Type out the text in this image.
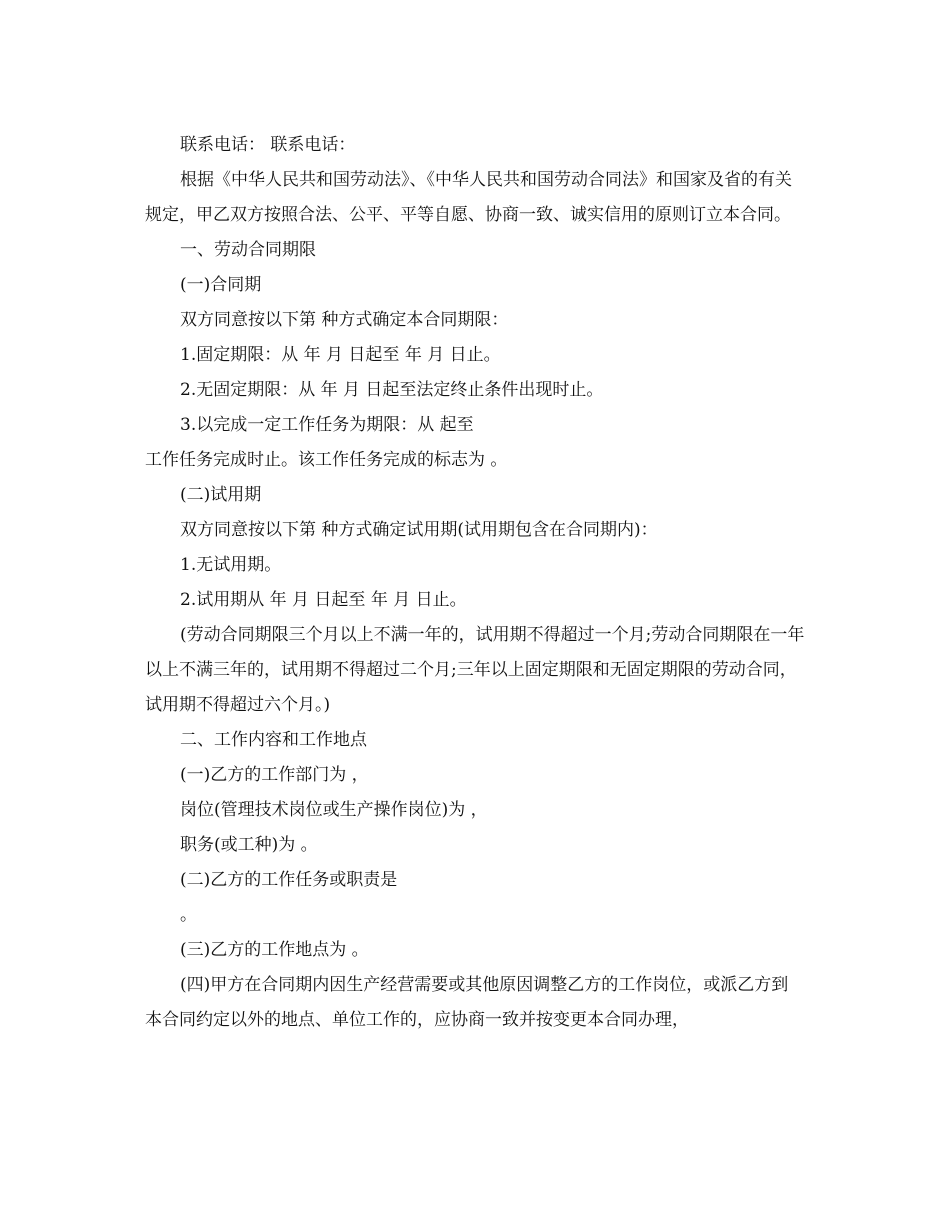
联系电话： 联系电话：

根据《中华人民共和国劳动法》、《中华人民共和国劳动合同法》和国家及省的有关规定，甲乙双方按照合法、公平、平等自愿、协商一致、诚实信用的原则订立本合同。

一、劳动合同期限

(一)合同期

双方同意按以下第 种方式确定本合同期限：

1.固定期限：从 年 月 日起至 年 月 日止。

2.无固定期限：从 年 月 日起至法定终止条件出现时止。

3.以完成一定工作任务为期限：从 起至

工作任务完成时止。该工作任务完成的标志为 。

(二)试用期

双方同意按以下第 种方式确定试用期(试用期包含在合同期内)：

1.无试用期。

2.试用期从 年 月 日起至 年 月 日止。

(劳动合同期限三个月以上不满一年的，试用期不得超过一个月;劳动合同期限在一年以上不满三年的，试用期不得超过二个月;三年以上固定期限和无固定期限的劳动合同，试用期不得超过六个月。)

二、工作内容和工作地点

(一)乙方的工作部门为 ，

岗位(管理技术岗位或生产操作岗位)为 ，

职务(或工种)为 。

(二)乙方的工作任务或职责是

。

(三)乙方的工作地点为 。

(四)甲方在合同期内因生产经营需要或其他原因调整乙方的工作岗位，或派乙方到本合同约定以外的地点、单位工作的，应协商一致并按变更本合同办理，
